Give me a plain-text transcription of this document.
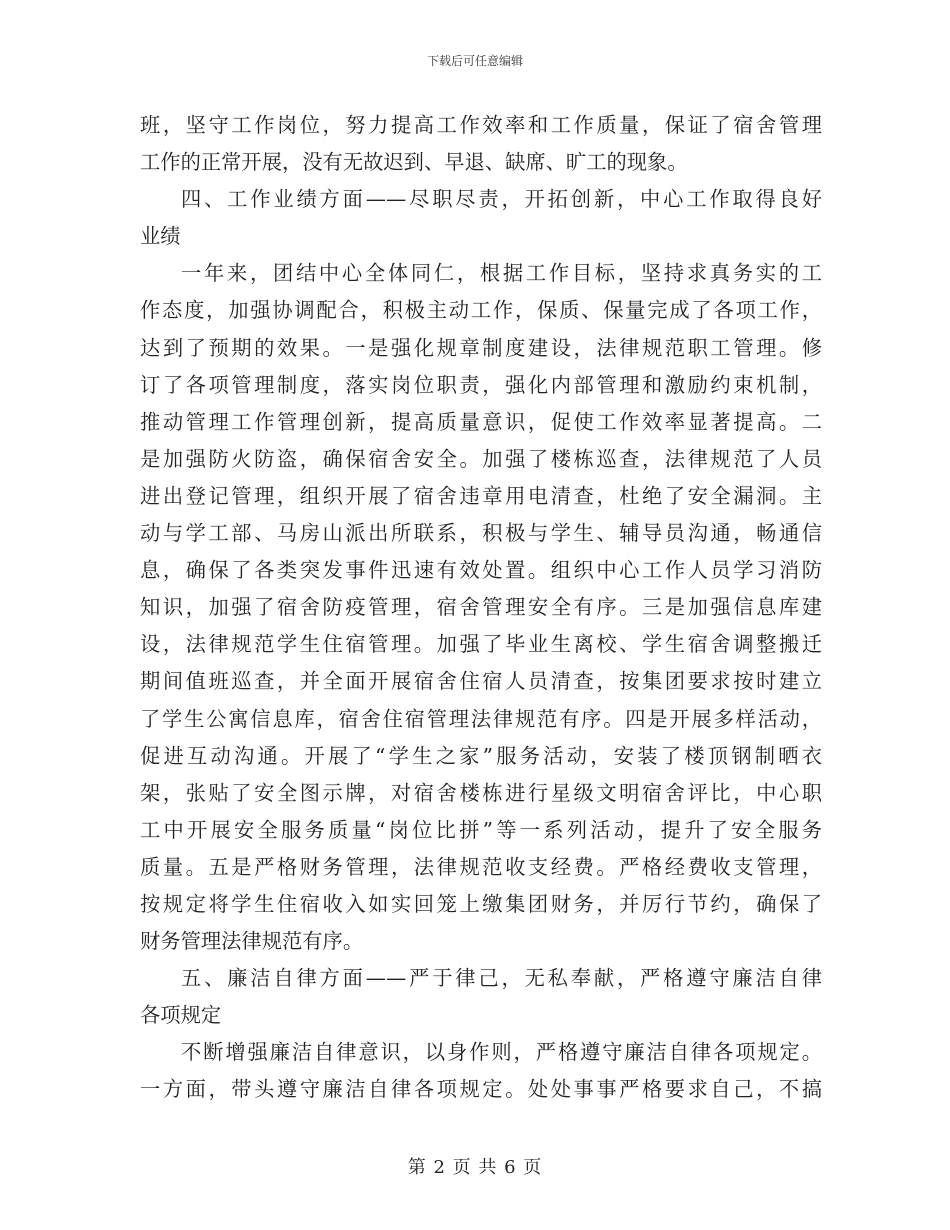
下载后可任意编辑
班，坚守工作岗位，努力提高工作效率和工作质量，保证了宿舍管理
工作的正常开展，没有无故迟到、早退、缺席、旷工的现象。
四、工作业绩方面——尽职尽责，开拓创新，中心工作取得良好
业绩
一年来，团结中心全体同仁，根据工作目标，坚持求真务实的工
作态度，加强协调配合，积极主动工作，保质、保量完成了各项工作，
达到了预期的效果。一是强化规章制度建设，法律规范职工管理。修
订了各项管理制度，落实岗位职责，强化内部管理和激励约束机制，
推动管理工作管理创新，提高质量意识，促使工作效率显著提高。二
是加强防火防盗，确保宿舍安全。加强了楼栋巡查，法律规范了人员
进出登记管理，组织开展了宿舍违章用电清查，杜绝了安全漏洞。主
动与学工部、马房山派出所联系，积极与学生、辅导员沟通，畅通信
息，确保了各类突发事件迅速有效处置。组织中心工作人员学习消防
知识，加强了宿舍防疫管理，宿舍管理安全有序。三是加强信息库建
设，法律规范学生住宿管理。加强了毕业生离校、学生宿舍调整搬迁
期间值班巡查，并全面开展宿舍住宿人员清查，按集团要求按时建立
了学生公寓信息库，宿舍住宿管理法律规范有序。四是开展多样活动，
促进互动沟通。开展了“学生之家”服务活动，安装了楼顶钢制晒衣
架，张贴了安全图示牌，对宿舍楼栋进行星级文明宿舍评比，中心职
工中开展安全服务质量“岗位比拼”等一系列活动，提升了安全服务
质量。五是严格财务管理，法律规范收支经费。严格经费收支管理，
按规定将学生住宿收入如实回笼上缴集团财务，并厉行节约，确保了
财务管理法律规范有序。
五、廉洁自律方面——严于律己，无私奉献，严格遵守廉洁自律
各项规定
不断增强廉洁自律意识，以身作则，严格遵守廉洁自律各项规定。
一方面，带头遵守廉洁自律各项规定。处处事事严格要求自己，不搞
第 2 页 共 6 页
